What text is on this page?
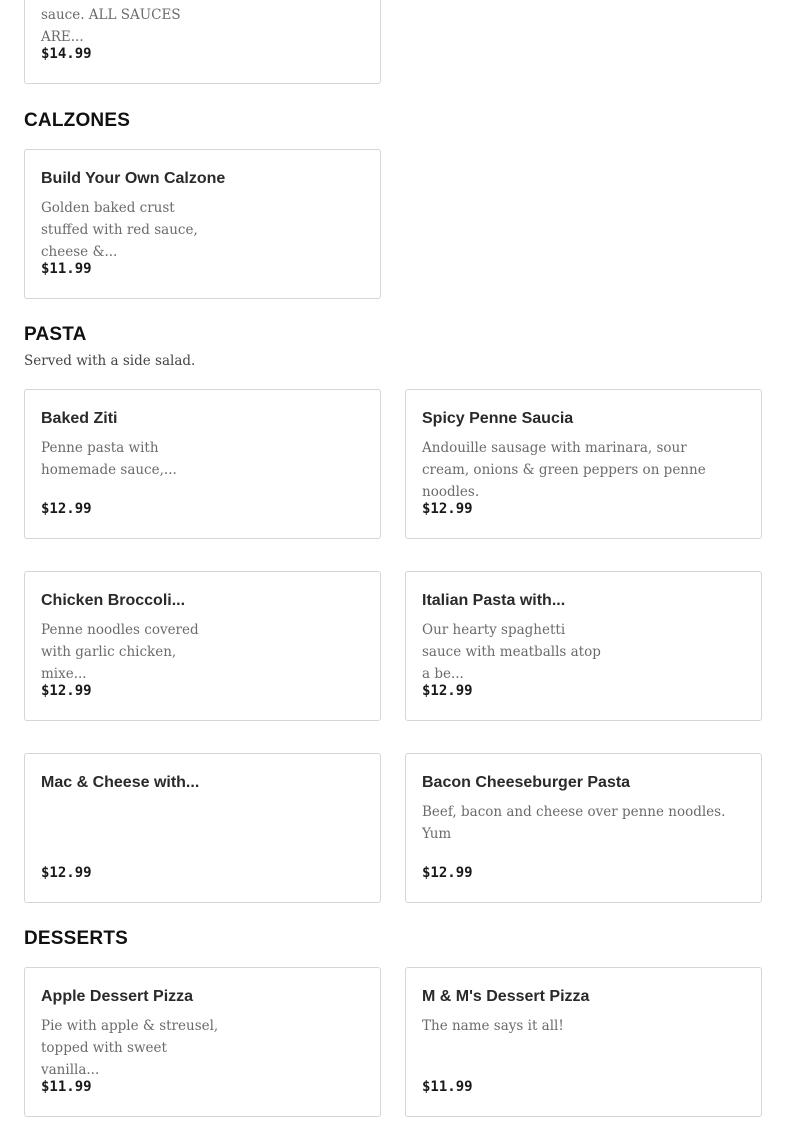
sauce. ALL SAUCES ARE...
$14.99
CALZONES
Build Your Own Calzone
Golden baked crust stuffed with red sauce, cheese &...
$11.99
PASTA
Served with a side salad.
Baked Ziti
Penne pasta with homemade sauce,...
$12.99
Spicy Penne Saucia
Andouille sausage with marinara, sour cream, onions & green peppers on penne noodles.
$12.99
Chicken Broccoli...
Penne noodles covered with garlic chicken, mixe...
$12.99
Italian Pasta with...
Our hearty spaghetti sauce with meatballs atop a be...
$12.99
Mac & Cheese with...
$12.99
Bacon Cheeseburger Pasta
Beef, bacon and cheese over penne noodles. Yum
$12.99
DESSERTS
Apple Dessert Pizza
Pie with apple & streusel, topped with sweet vanilla...
$11.99
M & M's Dessert Pizza
The name says it all!
$11.99
